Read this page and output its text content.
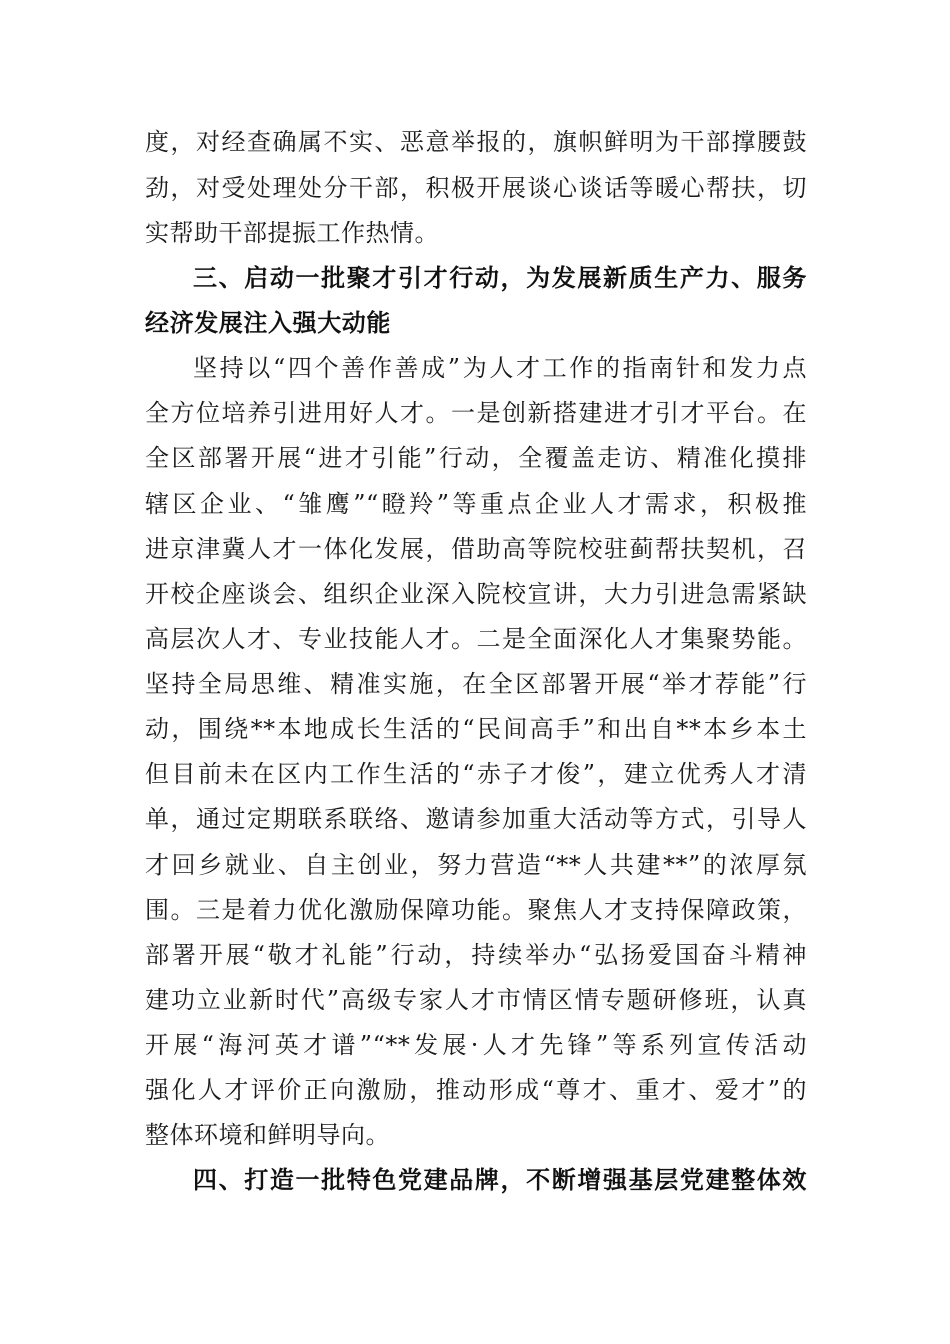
度，对经查确属不实、恶意举报的，旗帜鲜明为干部撑腰鼓
劲，对受处理处分干部，积极开展谈心谈话等暖心帮扶，切
实帮助干部提振工作热情。
三、启动一批聚才引才行动，为发展新质生产力、服务
经济发展注入强大动能
坚持以“四个善作善成”为人才工作的指南针和发力点
全方位培养引进用好人才。一是创新搭建进才引才平台。在
全区部署开展“进才引能”行动，全覆盖走访、精准化摸排
辖区企业、“雏鹰”“瞪羚”等重点企业人才需求，积极推
进京津冀人才一体化发展，借助高等院校驻蓟帮扶契机，召
开校企座谈会、组织企业深入院校宣讲，大力引进急需紧缺
高层次人才、专业技能人才。二是全面深化人才集聚势能。
坚持全局思维、精准实施，在全区部署开展“举才荐能”行
动，围绕**本地成长生活的“民间高手”和出自**本乡本土
但目前未在区内工作生活的“赤子才俊”，建立优秀人才清
单，通过定期联系联络、邀请参加重大活动等方式，引导人
才回乡就业、自主创业，努力营造“**人共建**”的浓厚氛
围。三是着力优化激励保障功能。聚焦人才支持保障政策，
部署开展“敬才礼能”行动，持续举办“弘扬爱国奋斗精神
建功立业新时代”高级专家人才市情区情专题研修班，认真
开展“海河英才谱”“**发展·人才先锋”等系列宣传活动
强化人才评价正向激励，推动形成“尊才、重才、爱才”的
整体环境和鲜明导向。
四、打造一批特色党建品牌，不断增强基层党建整体效
